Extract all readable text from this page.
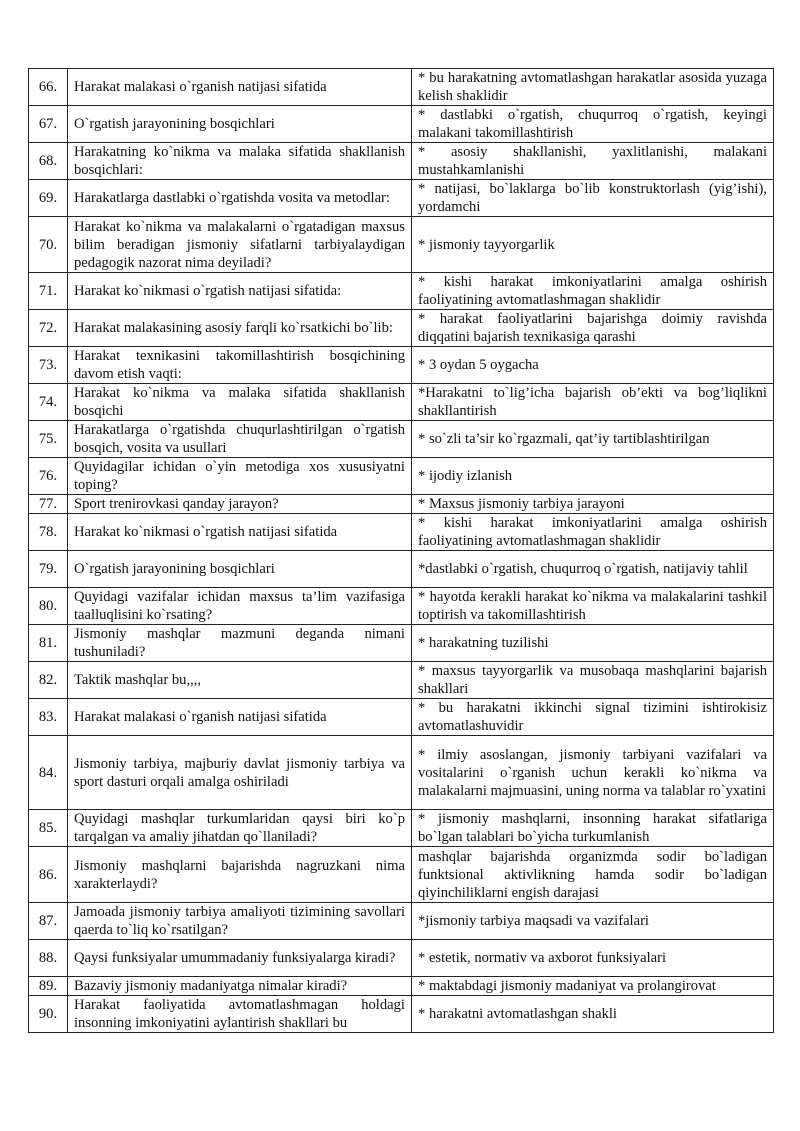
66.	Harakat malakasi o`rganish natijasi sifatida	* bu harakatning avtomatlashgan harakatlar asosida yuzaga kelish shaklidir
67.	O`rgatish jarayonining bosqichlari	* dastlabki o`rgatish, chuqurroq o`rgatish, keyingi malakani takomillashtirish
68.	Harakatning ko`nikma va malaka sifatida shakllanish bosqichlari:	* asosiy shakllanishi, yaxlitlanishi, malakani mustahkamlanishi
69.	Harakatlarga dastlabki o`rgatishda vosita va metodlar:	* natijasi, bo`laklarga bo`lib konstruktorlash (yig’ishi), yordamchi
70.	Harakat ko`nikma va malakalarni o`rgatadigan maxsus bilim beradigan jismoniy sifatlarni tarbiyalaydigan pedagogik nazorat nima deyiladi?	* jismoniy tayyorgarlik
71.	Harakat ko`nikmasi o`rgatish natijasi sifatida:	* kishi harakat imkoniyatlarini amalga oshirish faoliyatining avtomatlashmagan shaklidir
72.	Harakat malakasining asosiy farqli ko`rsatkichi bo`lib:	* harakat faoliyatlarini bajarishga doimiy ravishda diqqatini bajarish texnikasiga qarashi
73.	Harakat texnikasini takomillashtirish bosqichining davom etish vaqti:	* 3 oydan 5 oygacha
74.	Harakat ko`nikma va malaka sifatida shakllanish bosqichi	*Harakatni to`lig’icha bajarish ob’ekti va bog’liqlikni shakllantirish
75.	Harakatlarga o`rgatishda chuqurlashtirilgan o`rgatish bosqich, vosita va usullari	* so`zli ta’sir ko`rgazmali, qat’iy tartiblashtirilgan
76.	Quyidagilar ichidan o`yin metodiga xos xususiyatni toping?	* ijodiy izlanish
77.	Sport trenirovkasi qanday jarayon?	* Maxsus jismoniy tarbiya jarayoni
78.	Harakat ko`nikmasi o`rgatish natijasi sifatida	* kishi harakat imkoniyatlarini amalga oshirish faoliyatining avtomatlashmagan shaklidir
79.	O`rgatish jarayonining bosqichlari	*dastlabki o`rgatish, chuqurroq o`rgatish, natijaviy tahlil
80.	Quyidagi vazifalar ichidan maxsus ta’lim vazifasiga taalluqlisini ko`rsating?	* hayotda kerakli harakat ko`nikma va malakalarini tashkil toptirish va takomillashtirish
81.	Jismoniy mashqlar mazmuni deganda nimani tushuniladi?	* harakatning tuzilishi
82.	Taktik mashqlar bu,,,,	* maxsus tayyorgarlik va musobaqa mashqlarini bajarish shakllari
83.	Harakat malakasi o`rganish natijasi sifatida	* bu harakatni ikkinchi signal tizimini ishtirokisiz avtomatlashuvidir
84.	Jismoniy tarbiya, majburiy davlat jismoniy tarbiya va sport dasturi orqali amalga oshiriladi	* ilmiy asoslangan, jismoniy tarbiyani vazifalari va vositalarini o`rganish uchun kerakli ko`nikma va malakalarni majmuasini, uning norma va talablar ro`yxatini
85.	Quyidagi mashqlar turkumlaridan qaysi biri ko`p tarqalgan va amaliy jihatdan qo`llaniladi?	* jismoniy mashqlarni, insonning harakat sifatlariga bo`lgan talablari bo`yicha turkumlanish
86.	Jismoniy mashqlarni bajarishda nagruzkani nima xarakterlaydi?	mashqlar bajarishda organizmda sodir bo`ladigan funktsional aktivlikning hamda sodir bo`ladigan qiyinchiliklarni engish darajasi
87.	Jamoada jismoniy tarbiya amaliyoti tizimining savollari qaerda to`liq ko`rsatilgan?	*jismoniy tarbiya maqsadi va vazifalari
88.	Qaysi funksiyalar umummadaniy funksiyalarga kiradi?	* estetik, normativ va axborot funksiyalari
89.	Bazaviy jismoniy madaniyatga nimalar kiradi?	* maktabdagi jismoniy madaniyat va prolangirovat
90.	Harakat faoliyatida avtomatlashmagan holdagi insonning imkoniyatini aylantirish shakllari bu	* harakatni avtomatlashgan shakli
